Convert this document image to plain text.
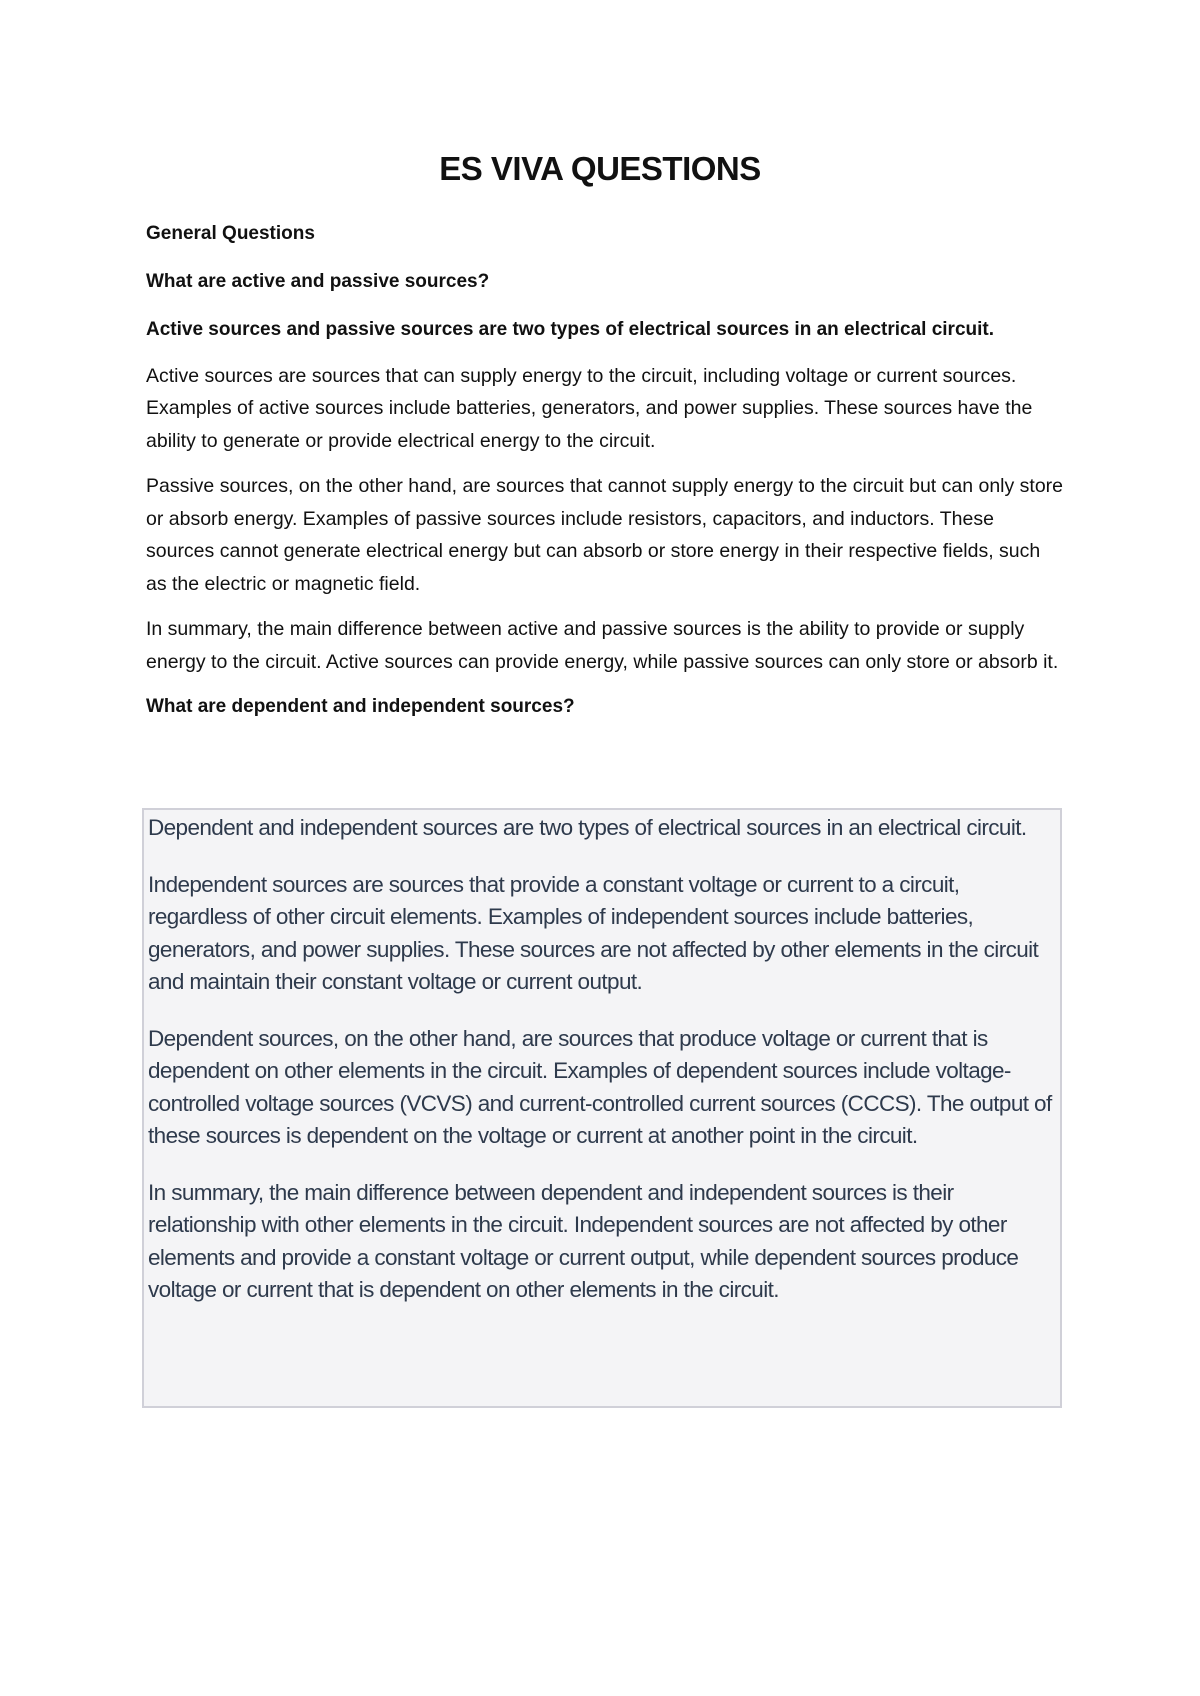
ES VIVA QUESTIONS

General Questions

What are active and passive sources?

Active sources and passive sources are two types of electrical sources in an electrical circuit.

Active sources are sources that can supply energy to the circuit, including voltage or current sources. Examples of active sources include batteries, generators, and power supplies. These sources have the ability to generate or provide electrical energy to the circuit.

Passive sources, on the other hand, are sources that cannot supply energy to the circuit but can only store or absorb energy. Examples of passive sources include resistors, capacitors, and inductors. These sources cannot generate electrical energy but can absorb or store energy in their respective fields, such as the electric or magnetic field.

In summary, the main difference between active and passive sources is the ability to provide or supply energy to the circuit. Active sources can provide energy, while passive sources can only store or absorb it.

What are dependent and independent sources?

Dependent and independent sources are two types of electrical sources in an electrical circuit.

Independent sources are sources that provide a constant voltage or current to a circuit, regardless of other circuit elements. Examples of independent sources include batteries, generators, and power supplies. These sources are not affected by other elements in the circuit and maintain their constant voltage or current output.

Dependent sources, on the other hand, are sources that produce voltage or current that is dependent on other elements in the circuit. Examples of dependent sources include voltage-controlled voltage sources (VCVS) and current-controlled current sources (CCCS). The output of these sources is dependent on the voltage or current at another point in the circuit.

In summary, the main difference between dependent and independent sources is their relationship with other elements in the circuit. Independent sources are not affected by other elements and provide a constant voltage or current output, while dependent sources produce voltage or current that is dependent on other elements in the circuit.
